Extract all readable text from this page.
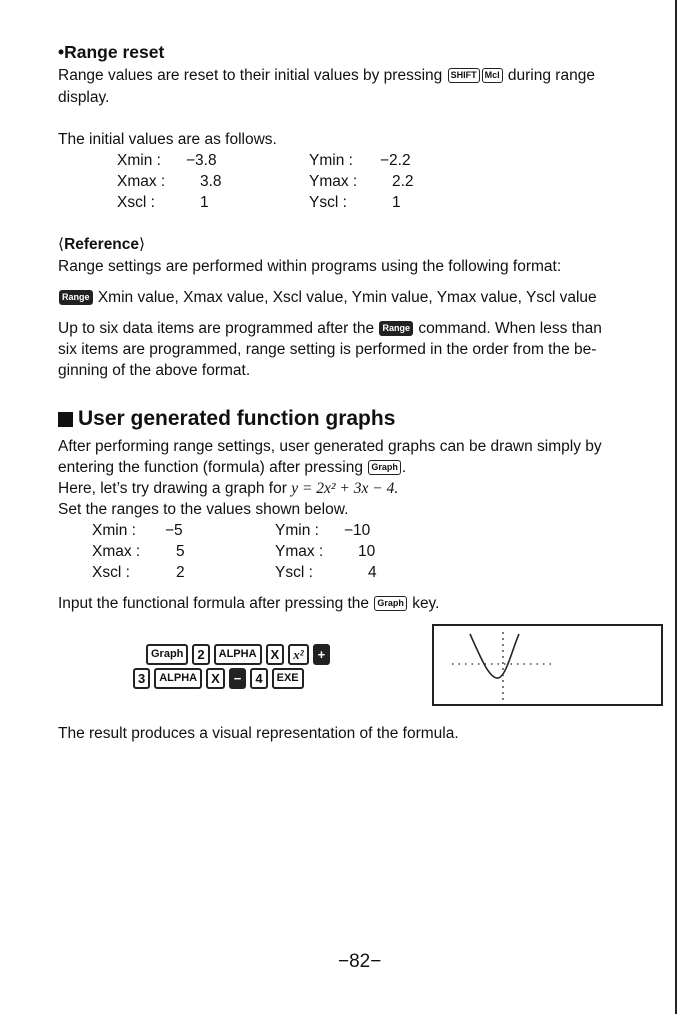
•Range reset
Range values are reset to their initial values by pressing SHIFT Mcl during range
display.
The initial values are as follows.
Xmin : −3.8	Ymin : −2.2
Xmax : 3.8	Ymax : 2.2
Xscl :	1	Yscl :	1
⟨Reference⟩
Range settings are performed within programs using the following format:
Range Xmin value, Xmax value, Xscl value, Ymin value, Ymax value, Yscl value
Up to six data items are programmed after the Range command. When less than
six items are programmed, range setting is performed in the order from the be-
ginning of the above format.
User generated function graphs
After performing range settings, user generated graphs can be drawn simply by
entering the function (formula) after pressing Graph .
Here, let’s try drawing a graph for y = 2x² + 3x − 4.
Set the ranges to the values shown below.
Xmin : −5	Ymin : −10
Xmax : 5	Ymax : 10
Xscl :	2	Yscl :	4
Input the functional formula after pressing the Graph key.
Graph	2	ALPHA	X	x²	+
3	ALPHA	X	−	4	EXE
The result produces a visual representation of the formula.
−82−
